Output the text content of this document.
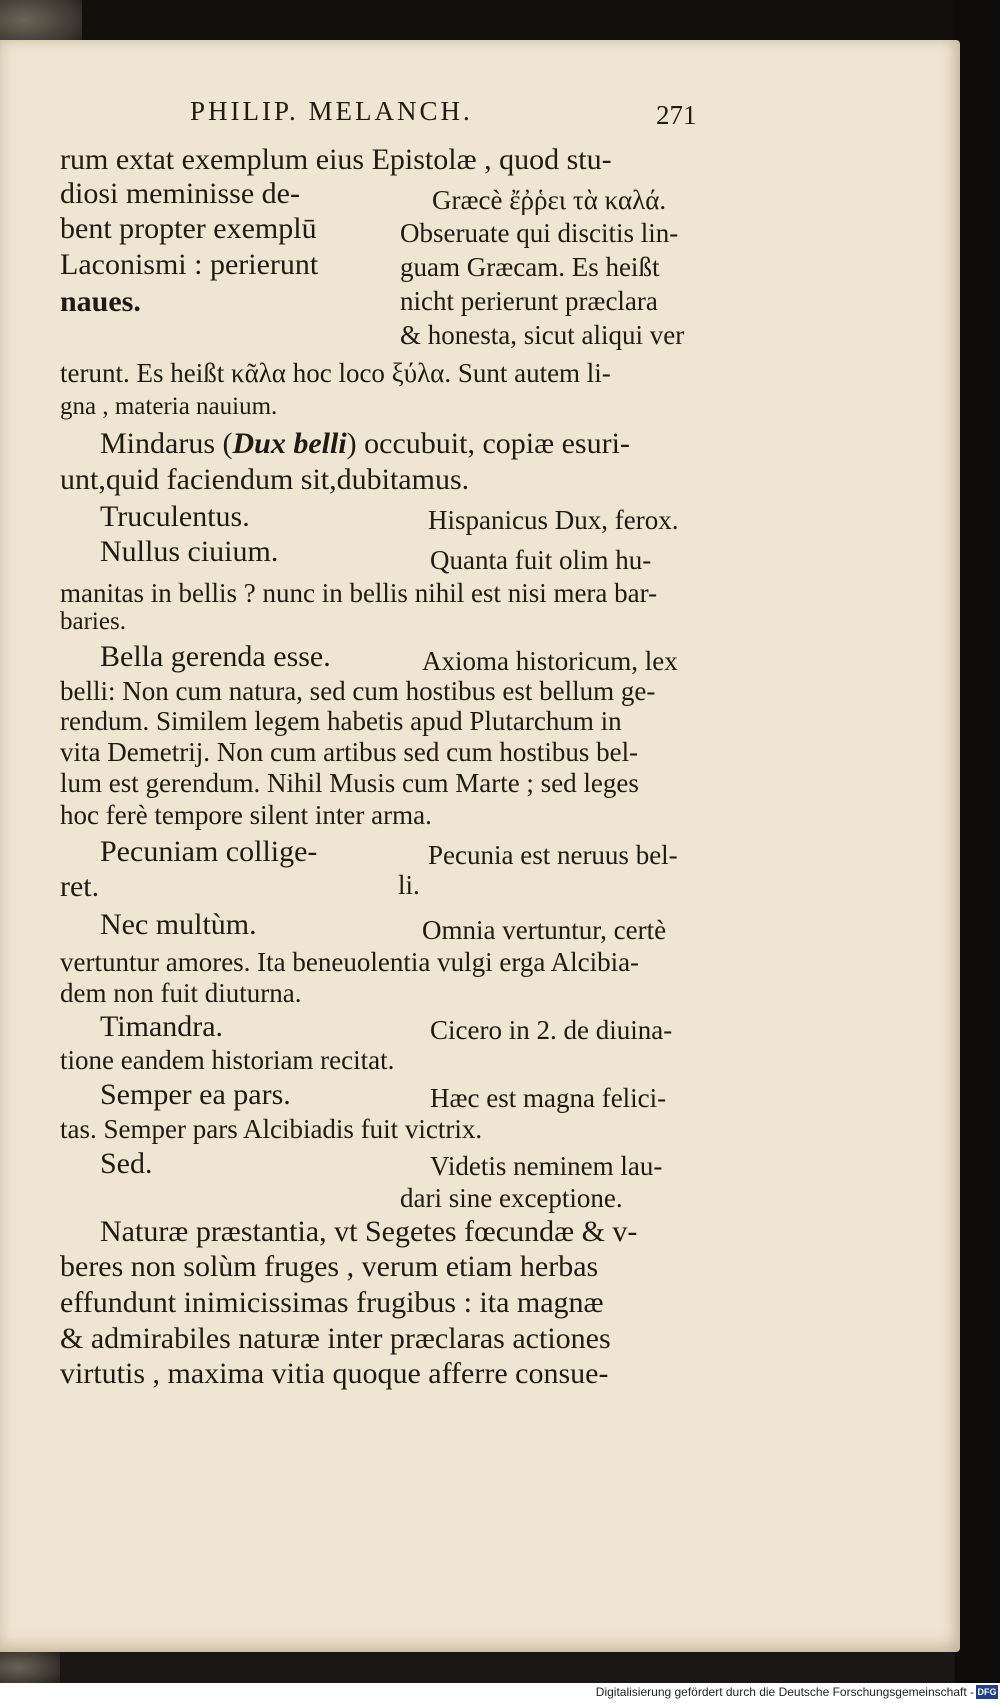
PHILIP. MELANCH.	271
rum extat exemplum eius Epistolæ , quod stu-
diosi meminisse de-
bent propter exemplū
Laconismi : perierunt
naues.
Græcè ἔῤῥει τὰ καλά.
Obseruate qui discitis lin-
guam Græcam. Es heißt
nicht perierunt præclara
& honesta, sicut aliqui ver
terunt. Es heißt κᾶλα hoc loco ξύλα. Sunt autem li-
gna , materia nauium.
Mindarus (Dux belli) occubuit, copiæ esuri-
unt,quid faciendum sit,dubitamus.
Truculentus.	Hispanicus Dux, ferox.
Nullus ciuium.	Quanta fuit olim hu-
manitas in bellis ? nunc in bellis nihil est nisi mera bar-
baries.
Bella gerenda esse.	Axioma historicum, lex
belli: Non cum natura, sed cum hostibus est bellum ge-
rendum. Similem legem habetis apud Plutarchum in
vita Demetrij. Non cum artibus sed cum hostibus bel-
lum est gerendum. Nihil Musis cum Marte ; sed leges
hoc ferè tempore silent inter arma.
Pecuniam collige-
ret.
Pecunia est neruus bel-
li.
Nec multùm.	Omnia vertuntur, certè
vertuntur amores. Ita beneuolentia vulgi erga Alcibia-
dem non fuit diuturna.
Timandra.	Cicero in 2. de diuina-
tione eandem historiam recitat.
Semper ea pars.	Hæc est magna felici-
tas. Semper pars Alcibiadis fuit victrix.
Sed.	Videtis neminem lau-
dari sine exceptione.
Naturæ præstantia, vt Segetes fœcundæ & v-
beres non solùm fruges , verum etiam herbas
effundunt inimicissimas frugibus : ita magnæ
& admirabiles naturæ inter præclaras actiones
virtutis , maxima vitia quoque afferre consue-
Digitalisierung gefördert durch die Deutsche Forschungsgemeinschaft - DFG
